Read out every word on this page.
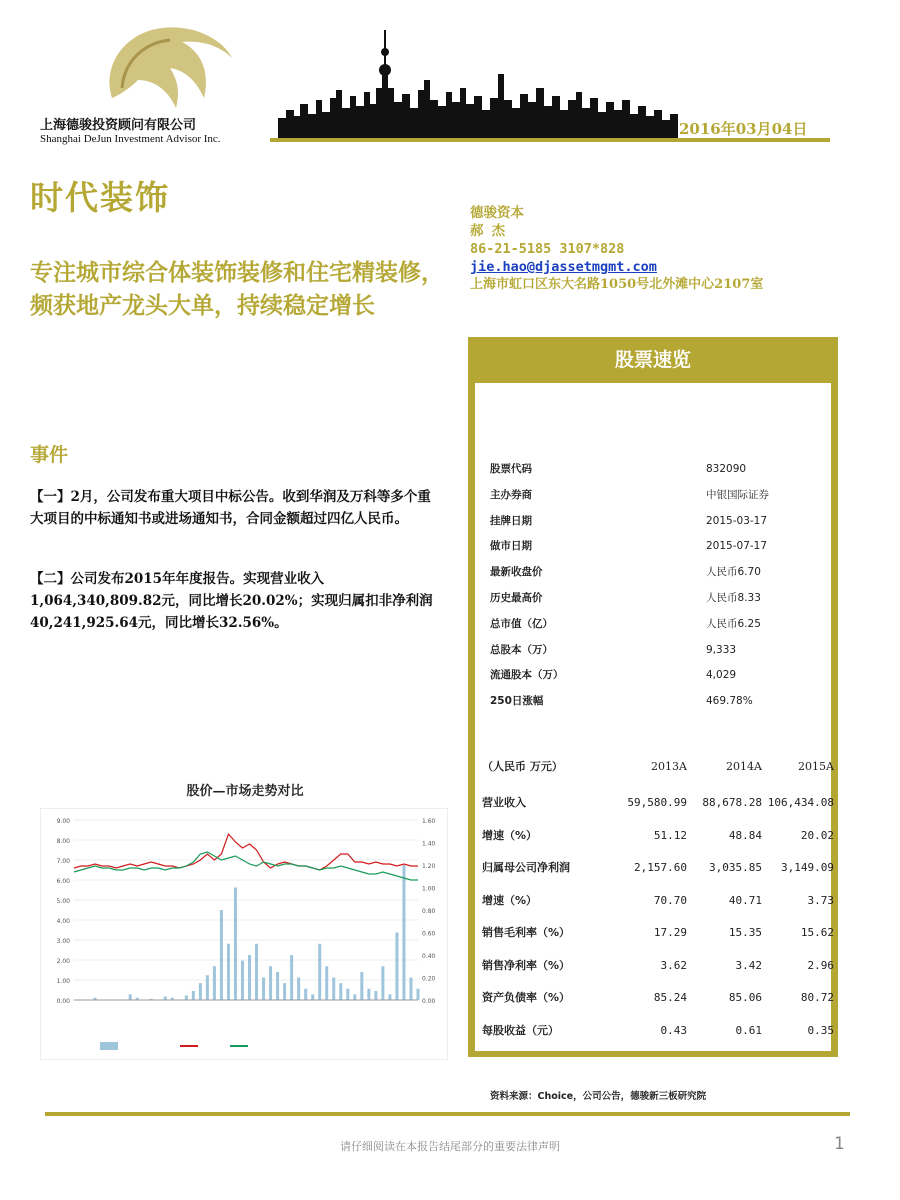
上海德骏投资顾问有限公司
Shanghai DeJun Investment Advisor Inc.
2016年03月04日
时代装饰
专注城市综合体装饰装修和住宅精装修，频获地产龙头大单，持续稳定增长
事件
【一】2月，公司发布重大项目中标公告。收到华润及万科等多个重大项目的中标通知书或进场通知书，合同金额超过四亿人民币。
【二】公司发布2015年年度报告。实现营业收入1,064,340,809.82元，同比增长20.02%；实现归属扣非净利润40,241,925.64元，同比增长32.56%。
德骏资本
郝 杰
86-21-5185 3107*828
jie.hao@djassetmgmt.com
上海市虹口区东大名路1050号北外滩中心2107室
股票速览
股票代码	832090
主办券商	中银国际证券
挂牌日期	2015-03-17
做市日期	2015-07-17
最新收盘价	人民币6.70
历史最高价	人民币8.33
总市值（亿）	人民币6.25
总股本（万）	9,333
流通股本（万）	4,029
250日涨幅	469.78%
（人民币 万元）	2013A	2014A	2015A
营业收入	59,580.99	88,678.28 106,434.08
增速（%）	51.12	48.84	20.02
归属母公司净利润	2,157.60	3,035.85	3,149.09
增速（%）	70.70	40.71	3.73
销售毛利率（%）	17.29	15.35	15.62
销售净利率（%）	3.62	3.42	2.96
资产负债率（%）	85.24	85.06	80.72
每股收益（元）	0.43	0.61	0.35
股价—市场走势对比
9.00
8.00
7.00
6.00
5.00
4.00
3.00
2.00
1.00
0.00
1.60
1.40
1.20
1.00
0.80
0.60
0.40
0.20
0.00
资料来源：Choice，公司公告，德骏新三板研究院
请仔细阅读在本报告结尾部分的重要法律声明	1
